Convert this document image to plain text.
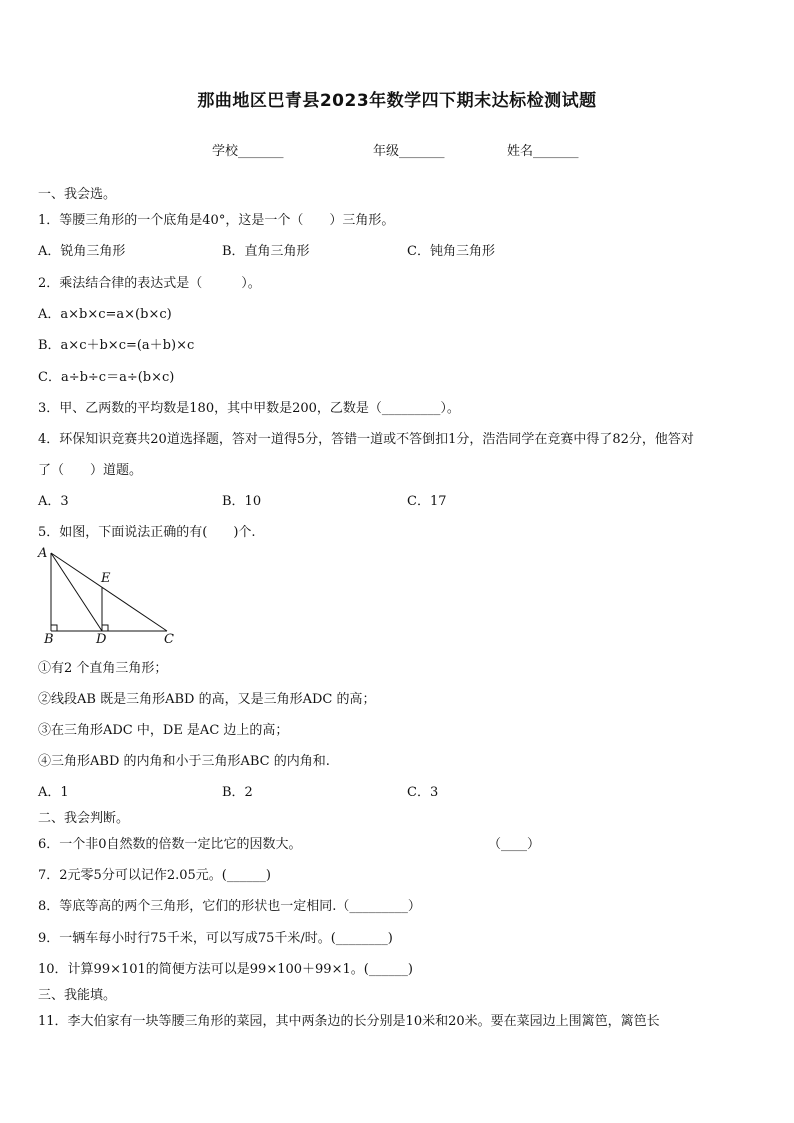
那曲地区巴青县2023年数学四下期末达标检测试题
学校_______	年级_______	姓名_______
一、我会选。
1．等腰三角形的一个底角是40°，这是一个（　　）三角形。
A．锐角三角形	B．直角三角形	C．钝角三角形
2．乘法结合律的表达式是（　　　）。
A．a×b×c=a×(b×c)
B．a×c＋b×c=(a＋b)×c
C．a÷b÷c＝a÷(b×c)
3．甲、乙两数的平均数是180，其中甲数是200，乙数是（_________）。
4．环保知识竞赛共20道选择题，答对一道得5分，答错一道或不答倒扣1分，浩浩同学在竞赛中得了82分，他答对
了（　　）道题。
A．3	B．10	C．17
5．如图，下面说法正确的有(　　)个.
A
E
B	D	C
①有2 个直角三角形；
②线段AB 既是三角形ABD 的高，又是三角形ADC 的高；
③在三角形ADC 中，DE 是AC 边上的高；
④三角形ABD 的内角和小于三角形ABC 的内角和.
A．1	B．2	C．3
二、我会判断。
6．一个非0自然数的倍数一定比它的因数大。	（____）
7．2元零5分可以记作2.05元。(______)
8．等底等高的两个三角形，它们的形状也一定相同.（_________）
9．一辆车每小时行75千米，可以写成75千米/时。(________)
10．计算99×101的简便方法可以是99×100＋99×1。(______)
三、我能填。
11．李大伯家有一块等腰三角形的菜园，其中两条边的长分别是10米和20米。要在菜园边上围篱笆，篱笆长
